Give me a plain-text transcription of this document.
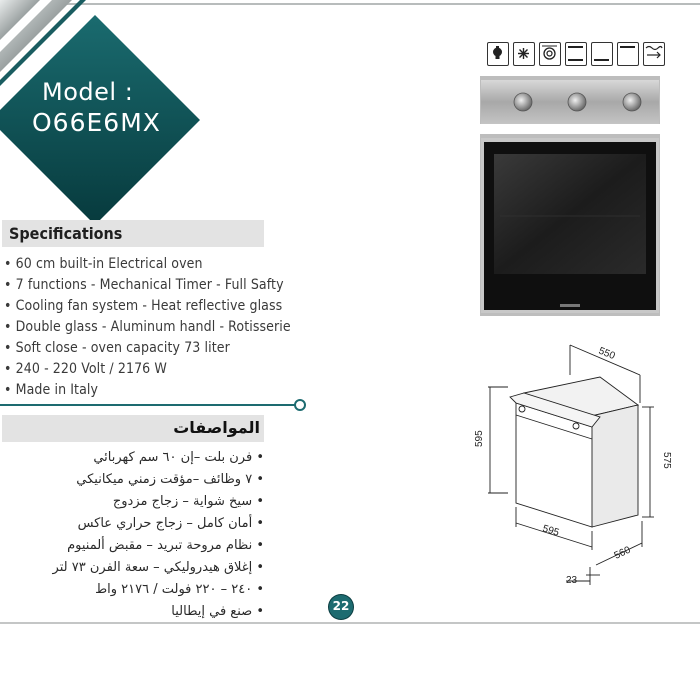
Model :
O66E6MX
Specifications
• 60 cm built-in Electrical oven
• 7 functions - Mechanical Timer - Full Safty
• Cooling fan system - Heat reflective glass
• Double glass - Aluminum handl - Rotisserie
• Soft close - oven capacity 73 liter
• 240 - 220 Volt / 2176 W
• Made in Italy
المواصفات
• فرن بلت –إن ٦٠ سم كهربائي
• ٧ وظائف –مؤقت زمني ميكانيكي
• سيخ شواية – زجاج مزدوج
• أمان كامل – زجاج حراري عاكس
• نظام مروحة تبريد – مقبض ألمنيوم
• إغلاق هيدروليكي – سعة الفرن ٧٣ لتر
• ٢٤٠ – ٢٢٠ فولت / ٢١٧٦ واط
• صنع في إيطاليا
550
595
575
595
560
23
22
